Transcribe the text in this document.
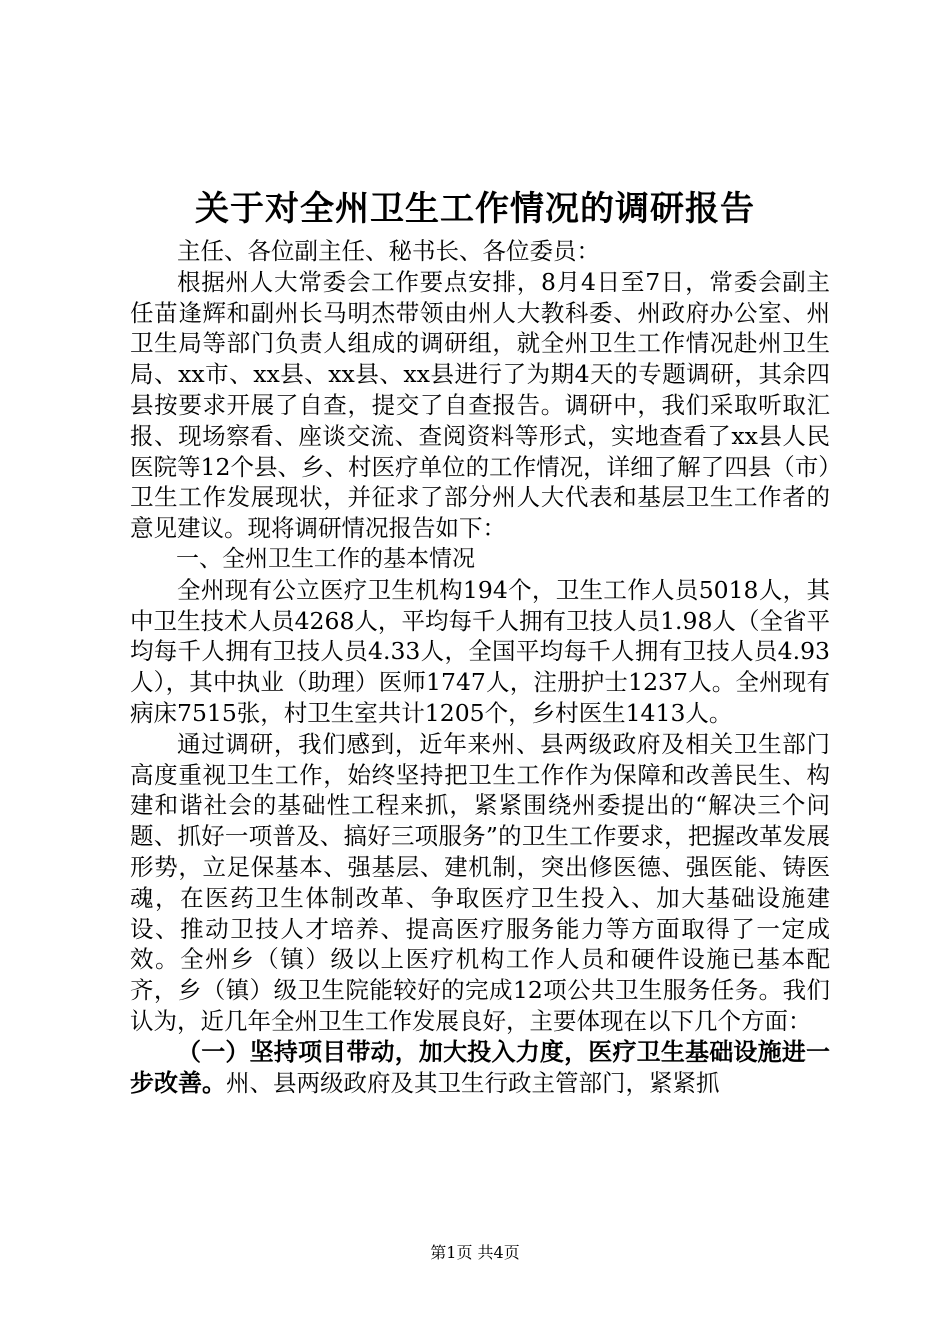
关于对全州卫生工作情况的调研报告

主任、各位副主任、秘书长、各位委员：

根据州人大常委会工作要点安排，8月4日至7日，常委会副主任苗逢辉和副州长马明杰带领由州人大教科委、州政府办公室、州卫生局等部门负责人组成的调研组，就全州卫生工作情况赴州卫生局、xx市、xx县、xx县、xx县进行了为期4天的专题调研，其余四县按要求开展了自查，提交了自查报告。调研中，我们采取听取汇报、现场察看、座谈交流、查阅资料等形式，实地查看了xx县人民医院等12个县、乡、村医疗单位的工作情况，详细了解了四县（市）卫生工作发展现状，并征求了部分州人大代表和基层卫生工作者的意见建议。现将调研情况报告如下：

一、全州卫生工作的基本情况

全州现有公立医疗卫生机构194个，卫生工作人员5018人，其中卫生技术人员4268人，平均每千人拥有卫技人员1.98人（全省平均每千人拥有卫技人员4.33人，全国平均每千人拥有卫技人员4.93人），其中执业（助理）医师1747人，注册护士1237人。全州现有病床7515张，村卫生室共计1205个，乡村医生1413人。

通过调研，我们感到，近年来州、县两级政府及相关卫生部门高度重视卫生工作，始终坚持把卫生工作作为保障和改善民生、构建和谐社会的基础性工程来抓，紧紧围绕州委提出的“解决三个问题、抓好一项普及、搞好三项服务”的卫生工作要求，把握改革发展形势，立足保基本、强基层、建机制，突出修医德、强医能、铸医魂，在医药卫生体制改革、争取医疗卫生投入、加大基础设施建设、推动卫技人才培养、提高医疗服务能力等方面取得了一定成效。全州乡（镇）级以上医疗机构工作人员和硬件设施已基本配齐，乡（镇）级卫生院能较好的完成12项公共卫生服务任务。我们认为，近几年全州卫生工作发展良好，主要体现在以下几个方面：

（一）坚持项目带动，加大投入力度，医疗卫生基础设施进一步改善。州、县两级政府及其卫生行政主管部门，紧紧抓

第1页 共4页
